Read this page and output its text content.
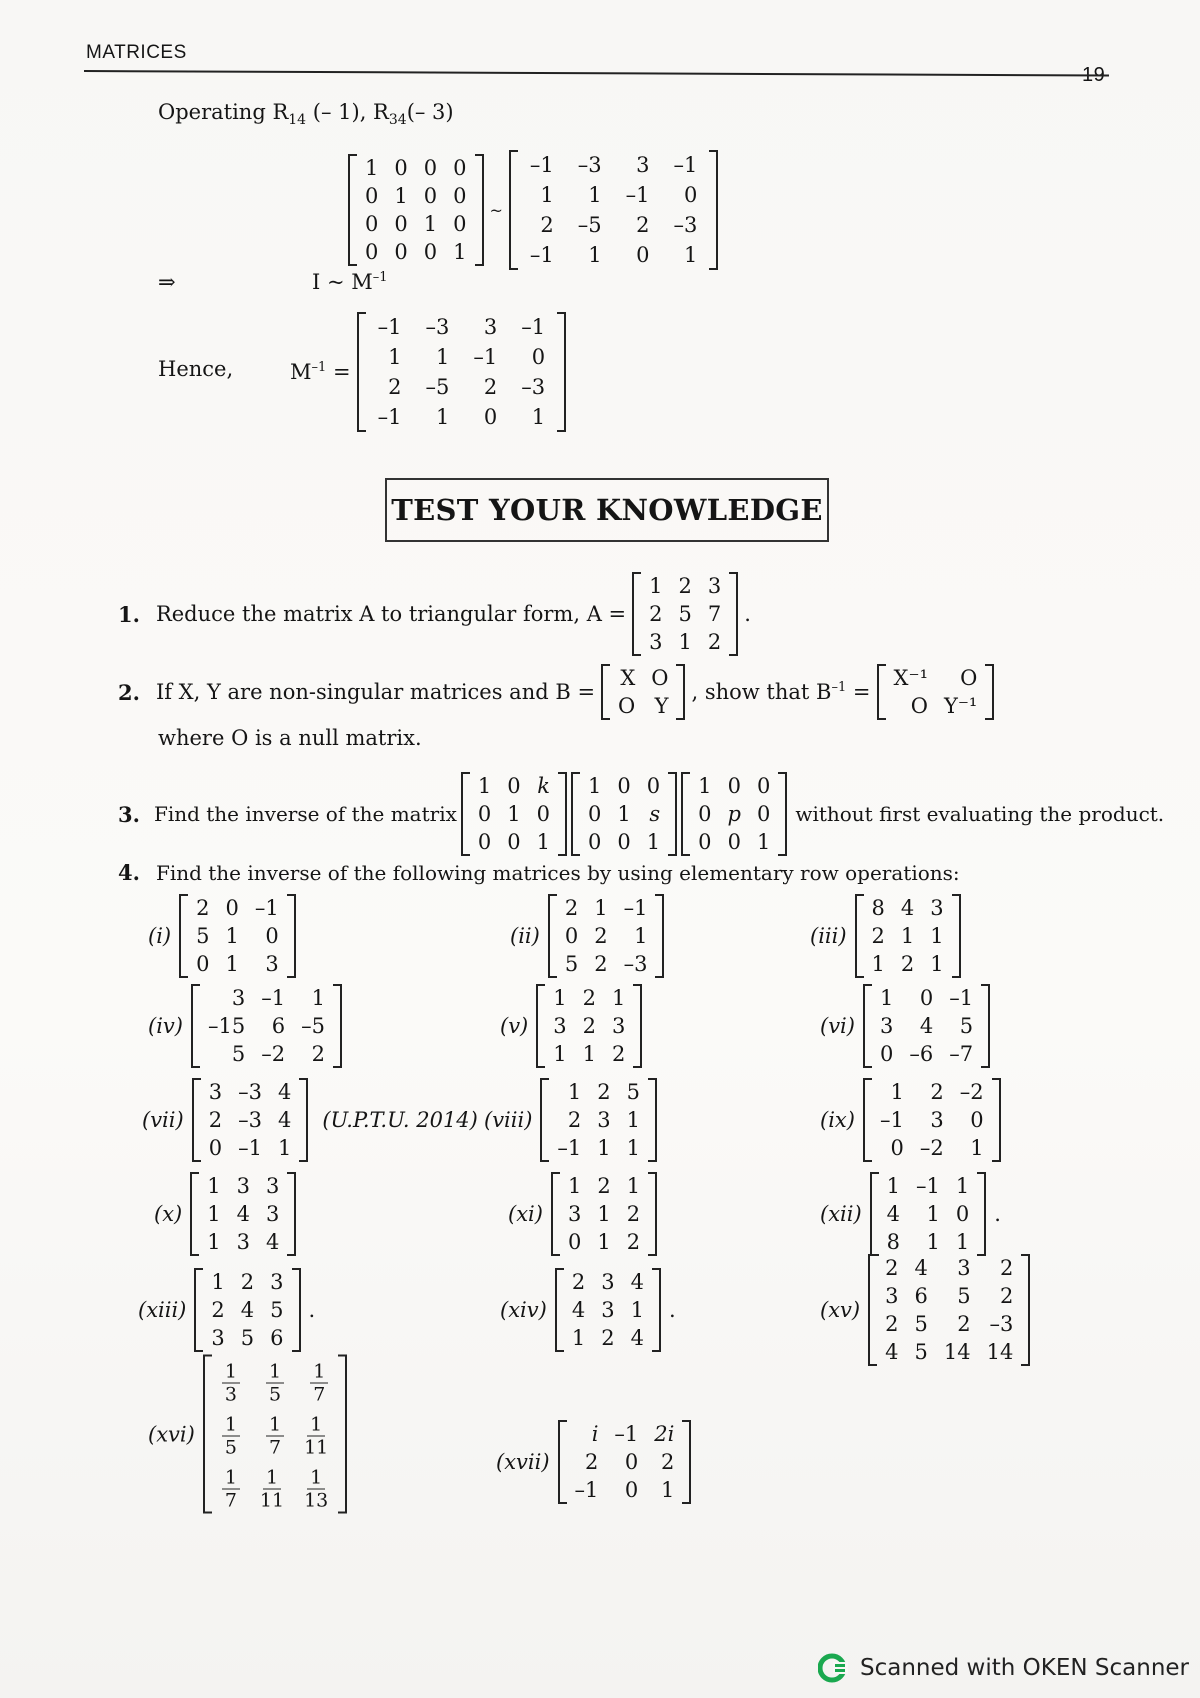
MATRICES
19
Operating $R_{14}$ (– 1), $R_{34}(-$ 3)
1	0	0	0
0	1	0	0
0	0	1	0
0	0	0	1
~
–1	–3	3	–1
1	1	–1	0
2	–5	2	–3
–1	1	0	1
⇒	I ~ $M^{-1}$
Hence,	$M^{-1}$ =
–1	–3	3	–1
1	1	–1	0
2	–5	2	–3
–1	1	0	1
TEST YOUR KNOWLEDGE
1. Reduce the matrix A to triangular form, A =
1	2	3
2	5	7
3	1	2
.
2. If X, Y are non-singular matrices and B =
X	O
O	Y
, show that $B^{-1}$ =
X⁻¹	O
O	Y⁻¹
where O is a null matrix.
3. Find the inverse of the matrix
1	0	k
0	1	0
0	0	1
1	0	0
0	1	s
0	0	1
1	0	0
0	p	0
0	0	1
without first evaluating the product.
4. Find the inverse of the following matrices by using elementary row operations:
(i)
2	0	–1
5	1	0
0	1	3
(ii)
2	1	–1
0	2	1
5	2	–3
(iii)
8	4	3
2	1	1
1	2	1
(iv)
3	–1	1
–15	6	–5
5	–2	2
(v)
1	2	1
3	2	3
1	1	2
(vi)
1	0	–1
3	4	5
0	–6	–7
(vii)
3	–3	4
2	–3	4
0	–1	1
(U.P.T.U. 2014) (viii)
1	2	5
2	3	1
–1	1	1
(ix)
1	2	–2
–1	3	0
0	–2	1
(x)
1	3	3
1	4	3
1	3	4
(xi)
1	2	1
3	1	2
0	1	2
(xii)
1	–1	1
4	1	0
8	1	1
.
(xiii)
1	2	3
2	4	5
3	5	6
.	(xiv)
2	3	4
4	3	1
1	2	4
.	(xv)
2	4	3	2
3	6	5	2
2	5	2	–3
4	5	14	14
(xvi)
$\frac{1}{3}$	$\frac{1}{5}$	$\frac{1}{7}$

$\frac{1}{5}$	$\frac{1}{7}$	$\frac{1}{11}$

$\frac{1}{7}$	$\frac{1}{11}$	$\frac{1}{13}$
(xvii)
i	–1	2i
2	0	2
–1	0	1
Scanned with OKEN Scanner
